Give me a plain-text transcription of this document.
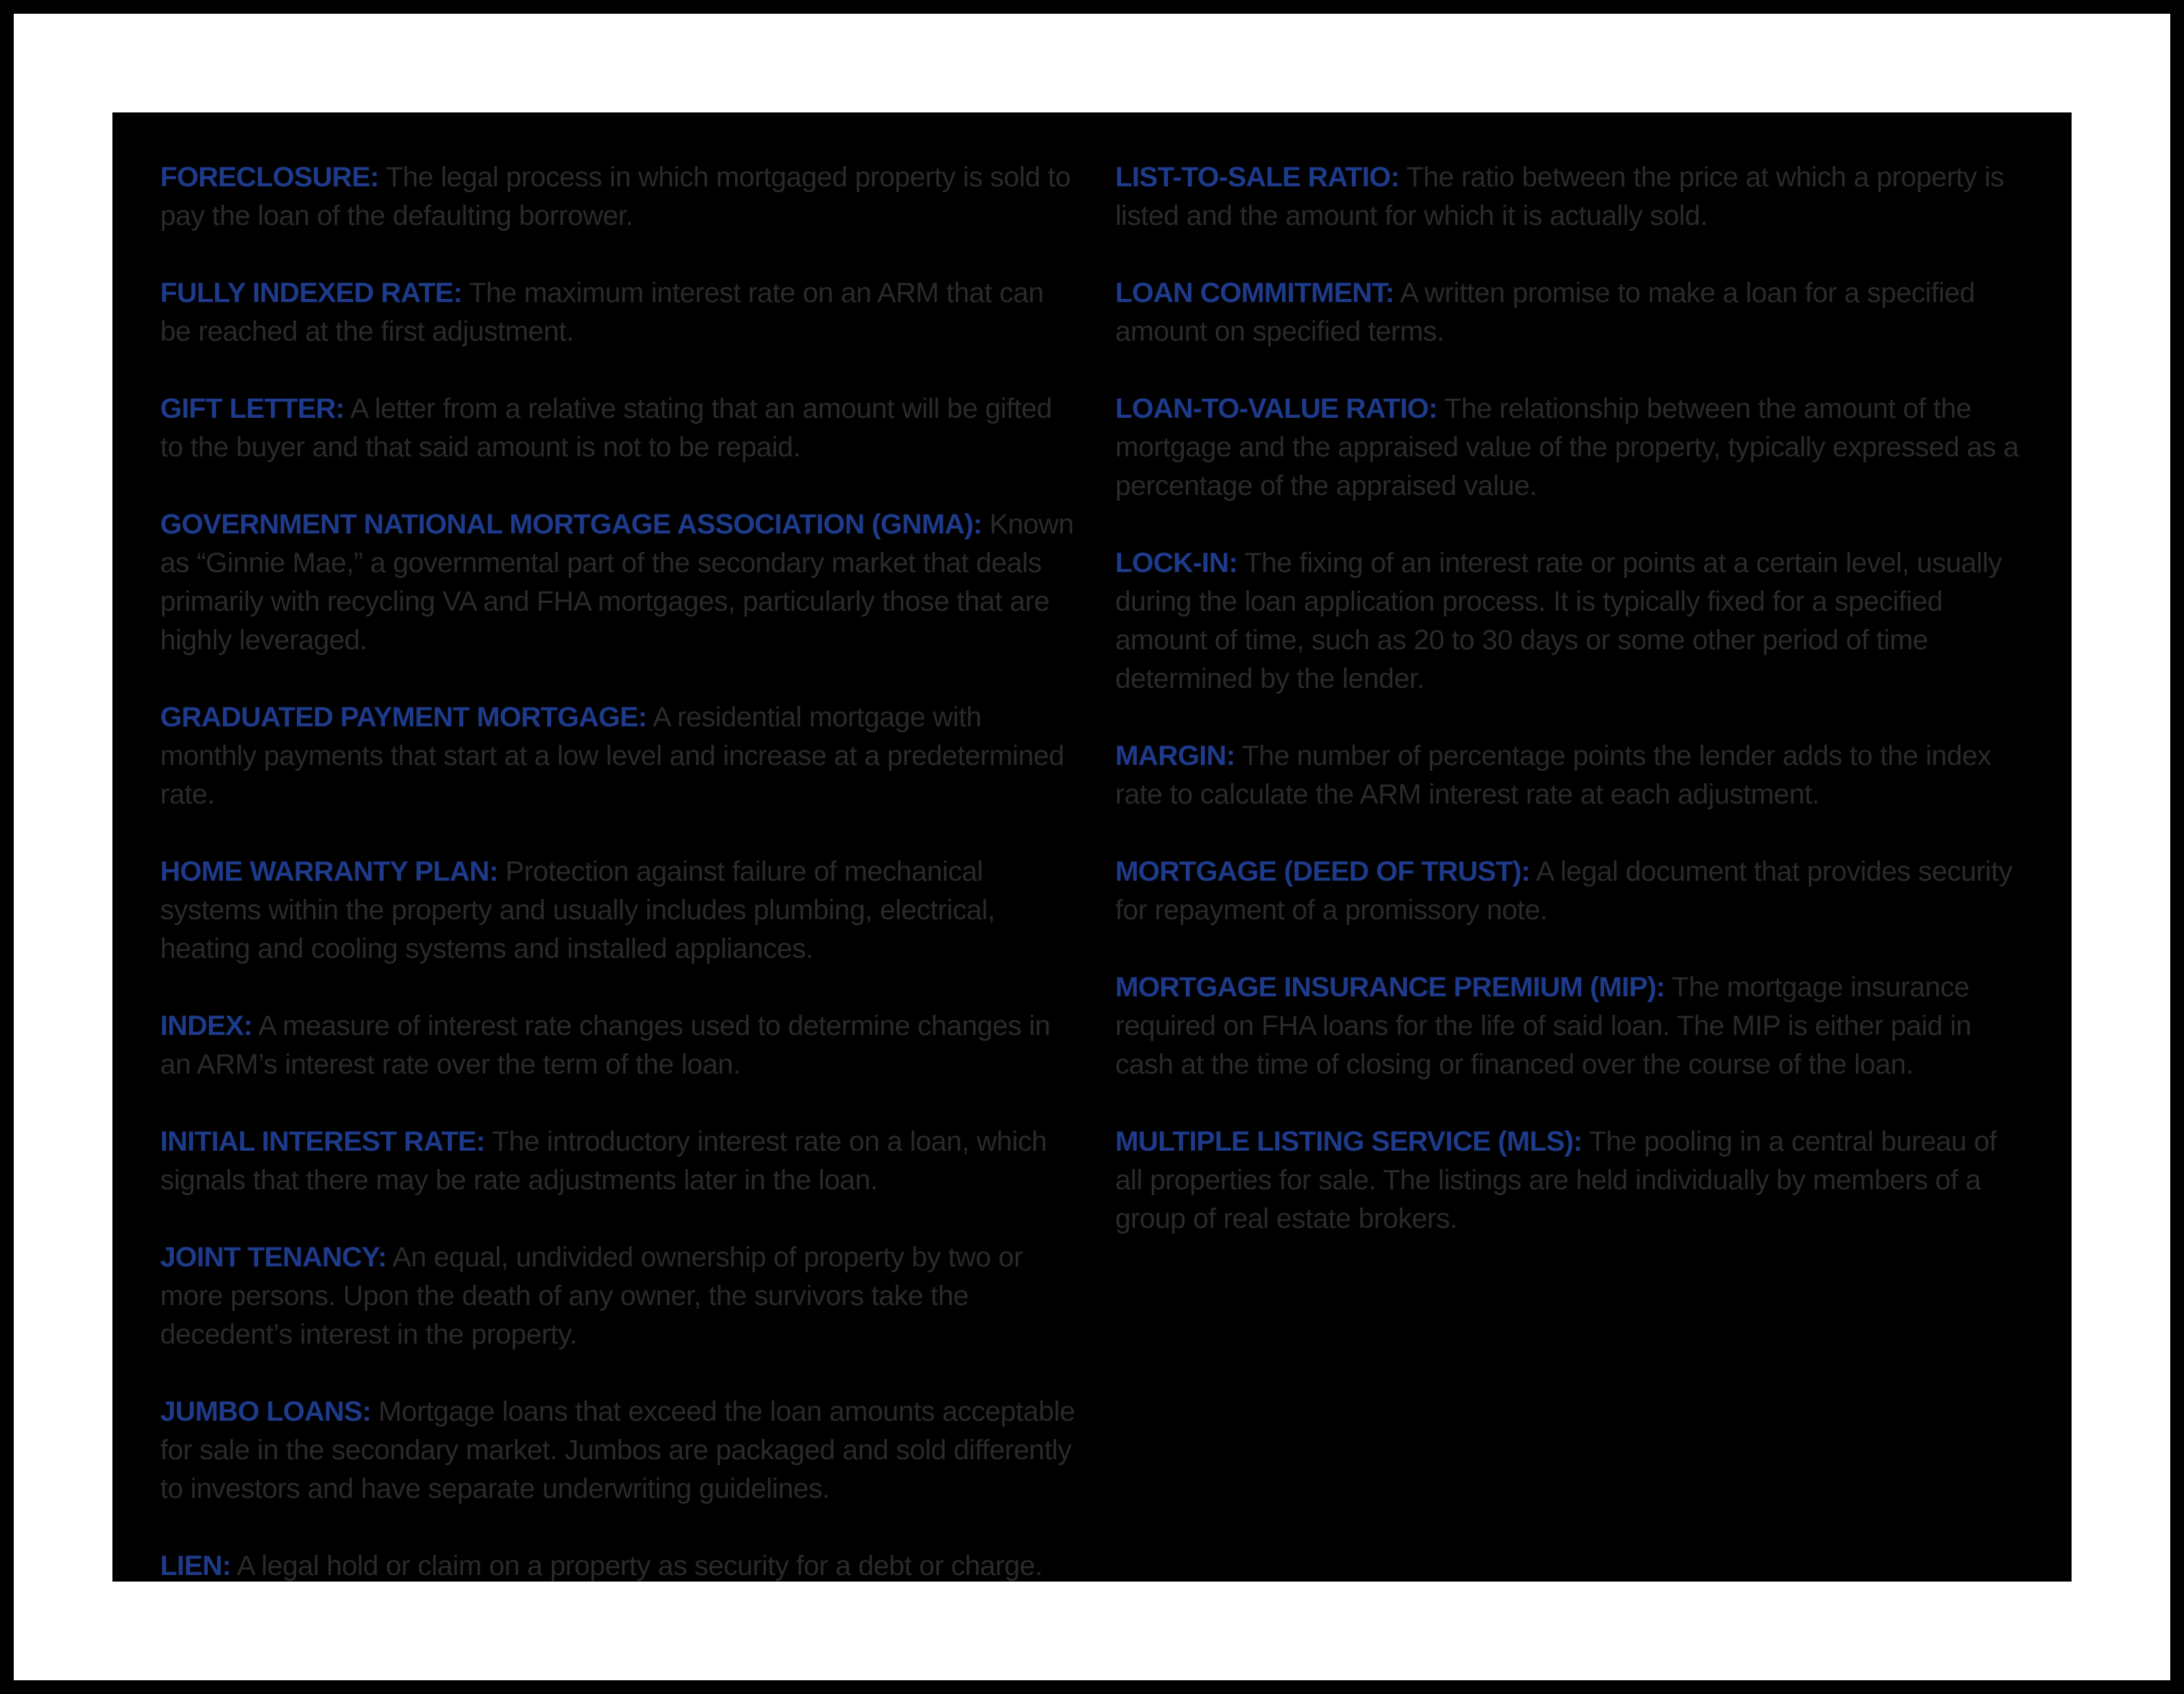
FORECLOSURE: The legal process in which mortgaged property is sold to pay the loan of the defaulting borrower.

FULLY INDEXED RATE: The maximum interest rate on an ARM that can be reached at the first adjustment.

GIFT LETTER: A letter from a relative stating that an amount will be gifted to the buyer and that said amount is not to be repaid.

GOVERNMENT NATIONAL MORTGAGE ASSOCIATION (GNMA): Known as “Ginnie Mae,” a governmental part of the secondary market that deals primarily with recycling VA and FHA mortgages, particularly those that are highly leveraged.

GRADUATED PAYMENT MORTGAGE: A residential mortgage with monthly payments that start at a low level and increase at a predetermined rate.

HOME WARRANTY PLAN: Protection against failure of mechanical systems within the property and usually includes plumbing, electrical, heating and cooling systems and installed appliances.

INDEX: A measure of interest rate changes used to determine changes in an ARM’s interest rate over the term of the loan.

INITIAL INTEREST RATE: The introductory interest rate on a loan, which signals that there may be rate adjustments later in the loan.

JOINT TENANCY: An equal, undivided ownership of property by two or more persons. Upon the death of any owner, the survivors take the decedent’s interest in the property.

JUMBO LOANS: Mortgage loans that exceed the loan amounts acceptable for sale in the secondary market. Jumbos are packaged and sold differently to investors and have separate underwriting guidelines.

LIEN: A legal hold or claim on a property as security for a debt or charge.

LIST-TO-SALE RATIO: The ratio between the price at which a property is listed and the amount for which it is actually sold.

LOAN COMMITMENT: A written promise to make a loan for a specified amount on specified terms.

LOAN-TO-VALUE RATIO: The relationship between the amount of the mortgage and the appraised value of the property, typically expressed as a percentage of the appraised value.

LOCK-IN: The fixing of an interest rate or points at a certain level, usually during the loan application process. It is typically fixed for a specified amount of time, such as 20 to 30 days or some other period of time determined by the lender.

MARGIN: The number of percentage points the lender adds to the index rate to calculate the ARM interest rate at each adjustment.

MORTGAGE (DEED OF TRUST): A legal document that provides security for repayment of a promissory note.

MORTGAGE INSURANCE PREMIUM (MIP): The mortgage insurance required on FHA loans for the life of said loan. The MIP is either paid in cash at the time of closing or financed over the course of the loan.

MULTIPLE LISTING SERVICE (MLS): The pooling in a central bureau of all properties for sale. The listings are held individually by members of a group of real estate brokers.
